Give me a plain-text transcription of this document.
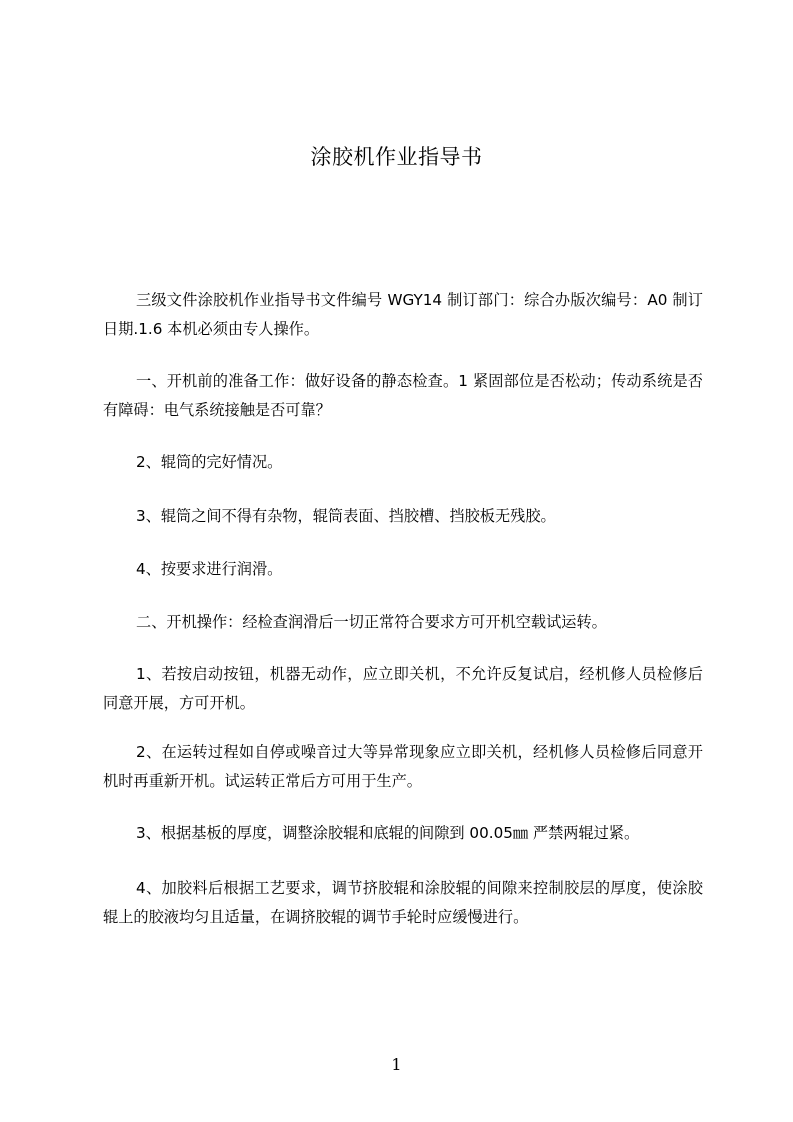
涂胶机作业指导书
三级文件涂胶机作业指导书文件编号 WGY14 制订部门：综合办版次编号：A0 制订日期.1.6 本机必须由专人操作。
一、开机前的准备工作：做好设备的静态检查。1 紧固部位是否松动；传动系统是否有障碍：电气系统接触是否可靠？
2、辊筒的完好情况。
3、辊筒之间不得有杂物，辊筒表面、挡胶槽、挡胶板无残胶。
4、按要求进行润滑。
二、开机操作：经检查润滑后一切正常符合要求方可开机空载试运转。
1、若按启动按钮，机器无动作，应立即关机，不允许反复试启，经机修人员检修后同意开展，方可开机。
2、在运转过程如自停或噪音过大等异常现象应立即关机，经机修人员检修后同意开机时再重新开机。试运转正常后方可用于生产。
3、根据基板的厚度，调整涂胶辊和底辊的间隙到 00.05㎜ 严禁两辊过紧。
4、加胶料后根据工艺要求，调节挤胶辊和涂胶辊的间隙来控制胶层的厚度，使涂胶辊上的胶液均匀且适量，在调挤胶辊的调节手轮时应缓慢进行。
1
